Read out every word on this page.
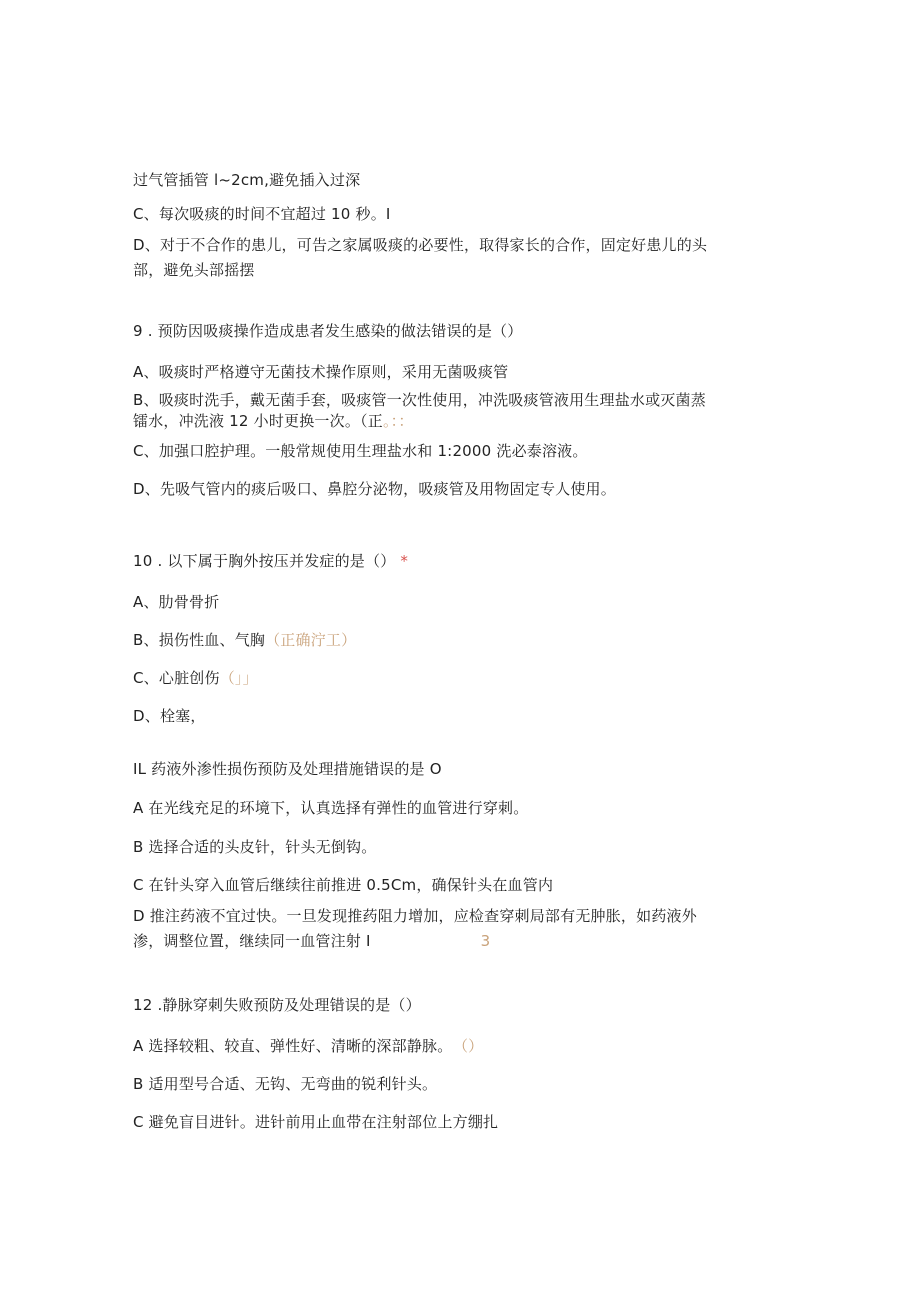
过气管插管 l~2cm,避免插入过深
C、每次吸痰的时间不宜超过 10 秒。I
D、对于不合作的患儿，可告之家属吸痰的必要性，取得家长的合作，固定好患儿的头
部，避免头部摇摆
9 . 预防因吸痰操作造成患者发生感染的做法错误的是（）
A、吸痰时严格遵守无菌技术操作原则，采用无菌吸痰管
B、吸痰时洗手，戴无菌手套，吸痰管一次性使用，冲洗吸痰管液用生理盐水或灭菌蒸
镭水，冲洗液 12 小时更换一次。（正。：：
C、加强口腔护理。一般常规使用生理盐水和 1:2000 洗必泰溶液。
D、先吸气管内的痰后吸口、鼻腔分泌物，吸痰管及用物固定专人使用。
10 . 以下属于胸外按压并发症的是（） *
A、肋骨骨折
B、损伤性血、气胸（正确泞工）
C、心脏创伤（」」
D、栓塞，
IL 药液外渗性损伤预防及处理措施错误的是 O
A 在光线充足的环境下，认真选择有弹性的血管进行穿刺。
B 选择合适的头皮针，针头无倒钩。
C 在针头穿入血管后继续往前推进 0.5Cm，确保针头在血管内
D 推注药液不宜过快。一旦发现推药阻力增加，应检查穿刺局部有无肿胀，如药液外
渗，调整位置，继续同一血管注射 I	3
12 .静脉穿刺失败预防及处理错误的是（）
A 选择较粗、较直、弹性好、清晰的深部静脉。 （）
B 适用型号合适、无钩、无弯曲的锐利针头。
C 避免盲目进针。进针前用止血带在注射部位上方绷扎
